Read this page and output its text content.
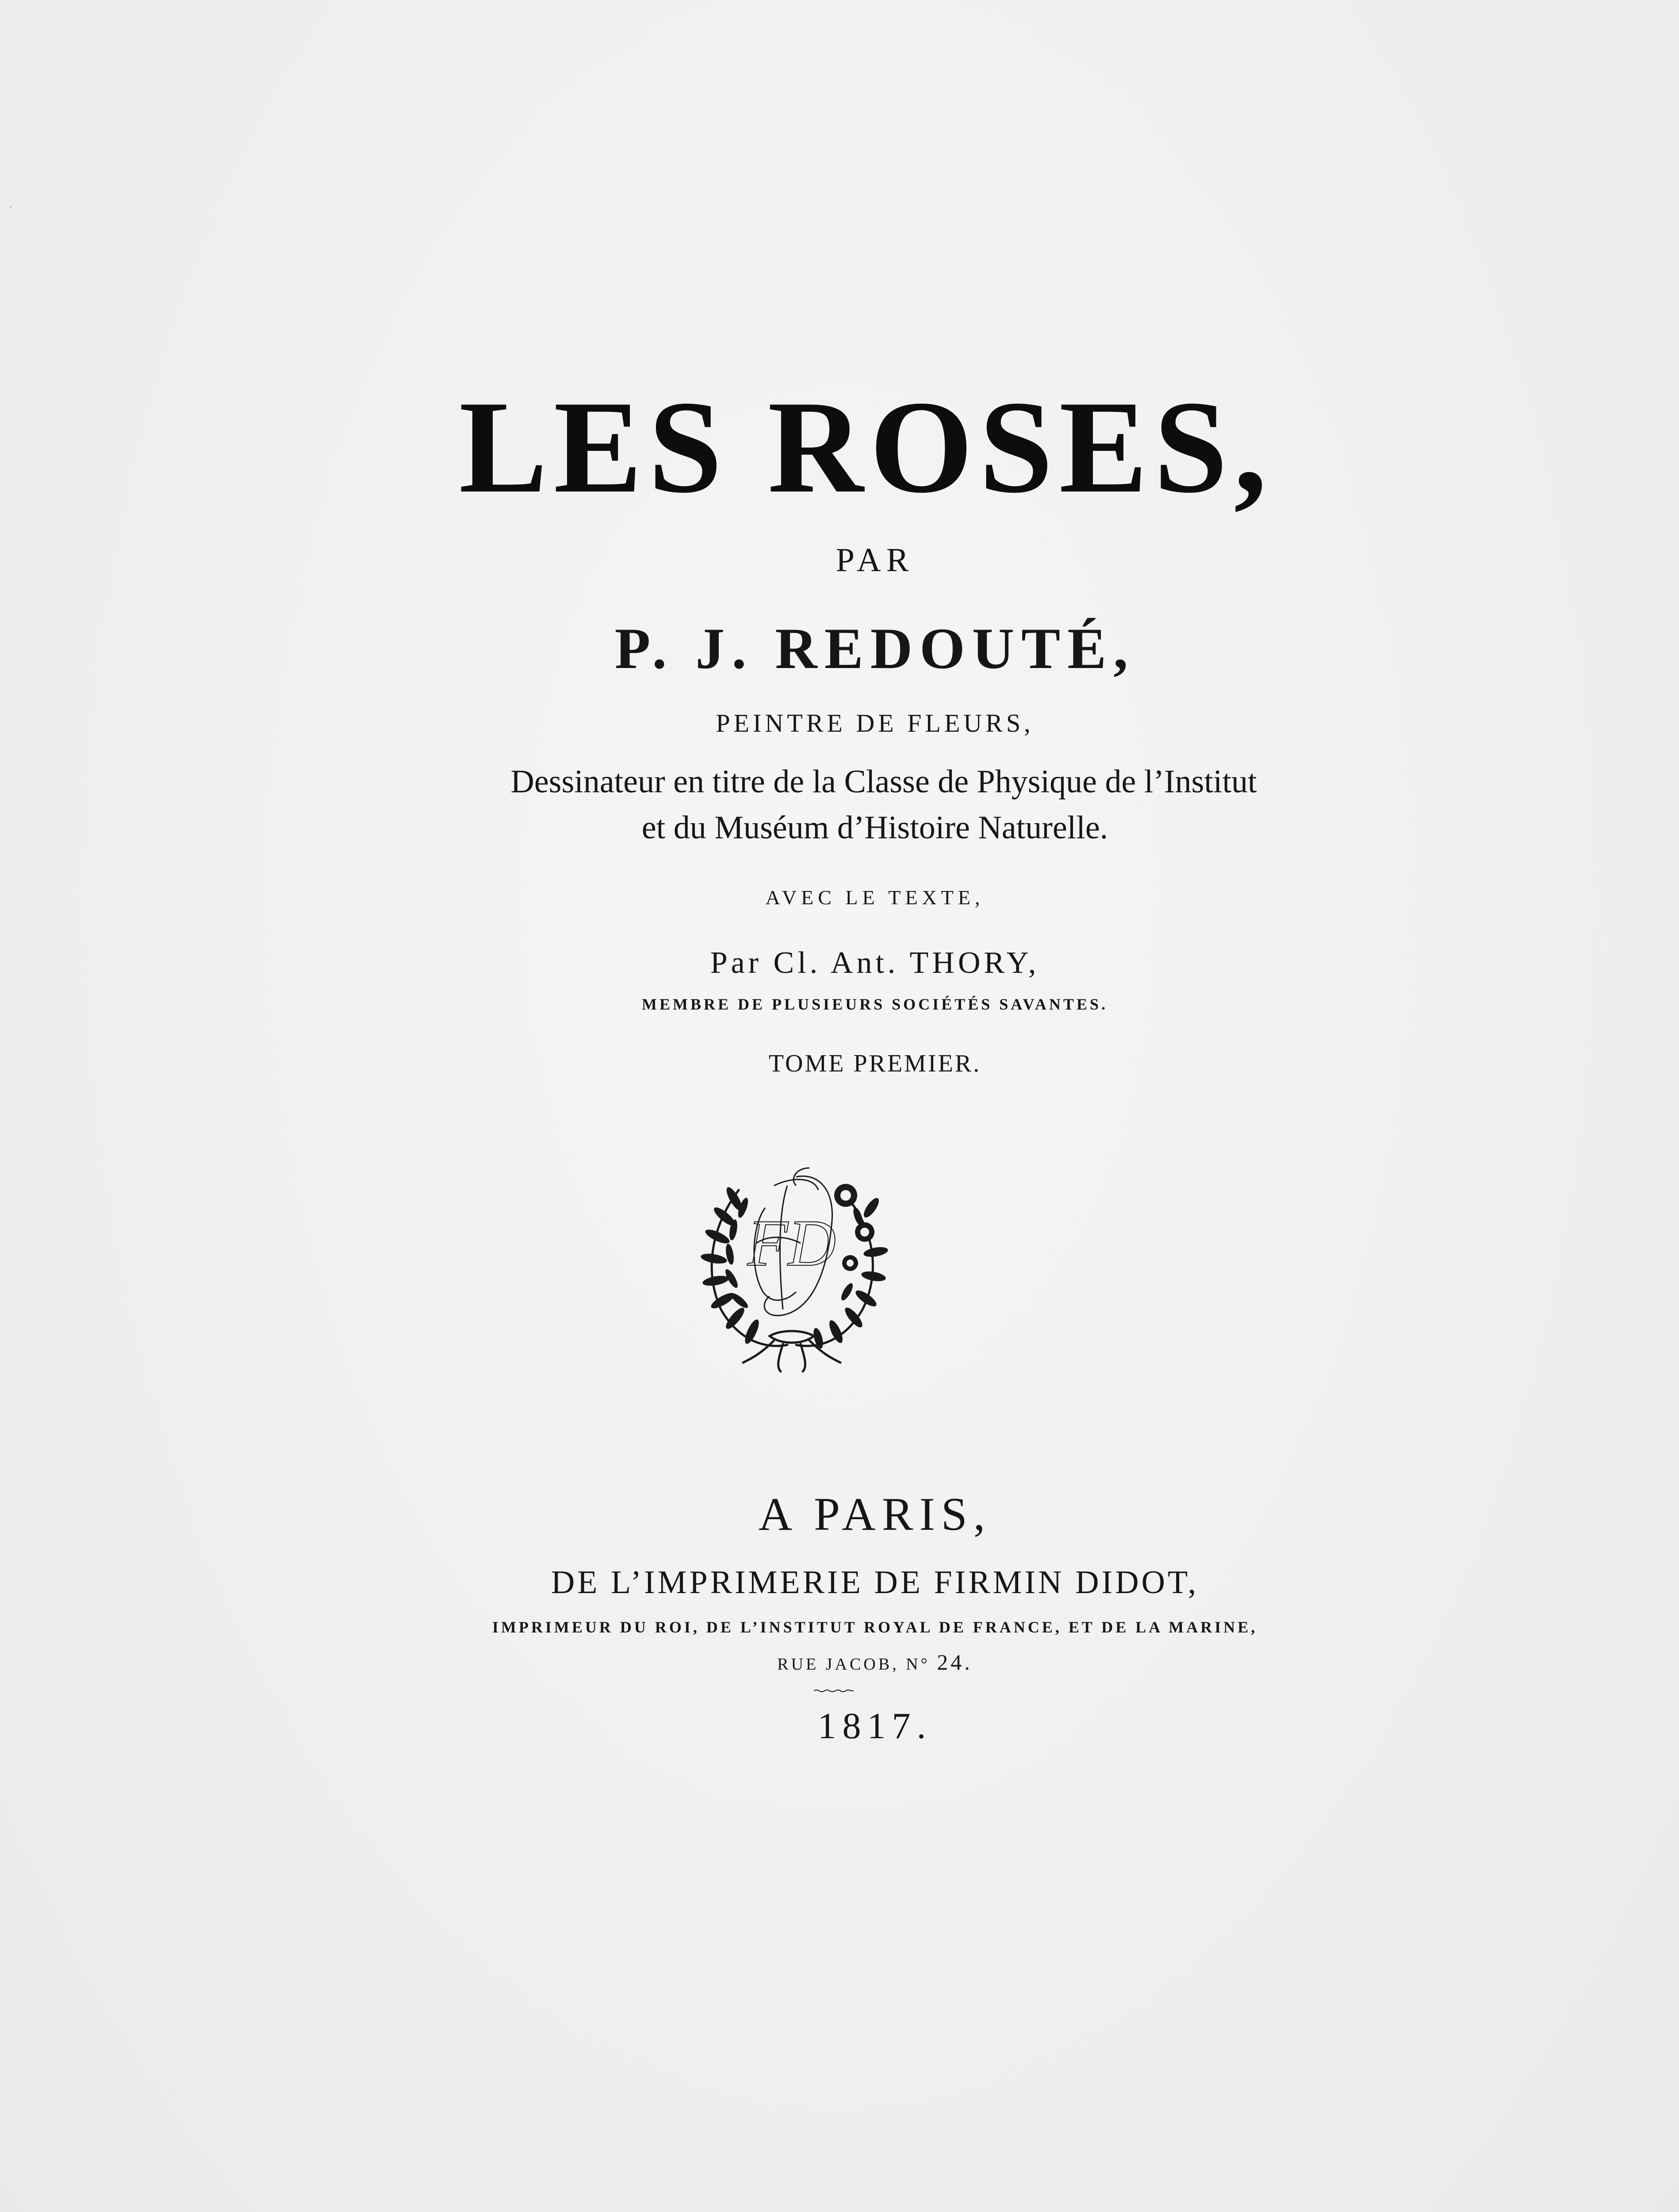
LES ROSES,
PAR
P. J. REDOUTÉ,
PEINTRE DE FLEURS,
Dessinateur en titre de la Classe de Physique de l’Institut
et du Muséum d’Histoire Naturelle.
AVEC LE TEXTE,
Par Cl. Ant. THORY,
MEMBRE DE PLUSIEURS SOCIÉTÉS SAVANTES.
TOME PREMIER.
FD
A PARIS,
DE L’IMPRIMERIE DE FIRMIN DIDOT,
IMPRIMEUR DU ROI, DE L’INSTITUT ROYAL DE FRANCE, ET DE LA MARINE,
RUE JACOB, N° 24.
1817.
